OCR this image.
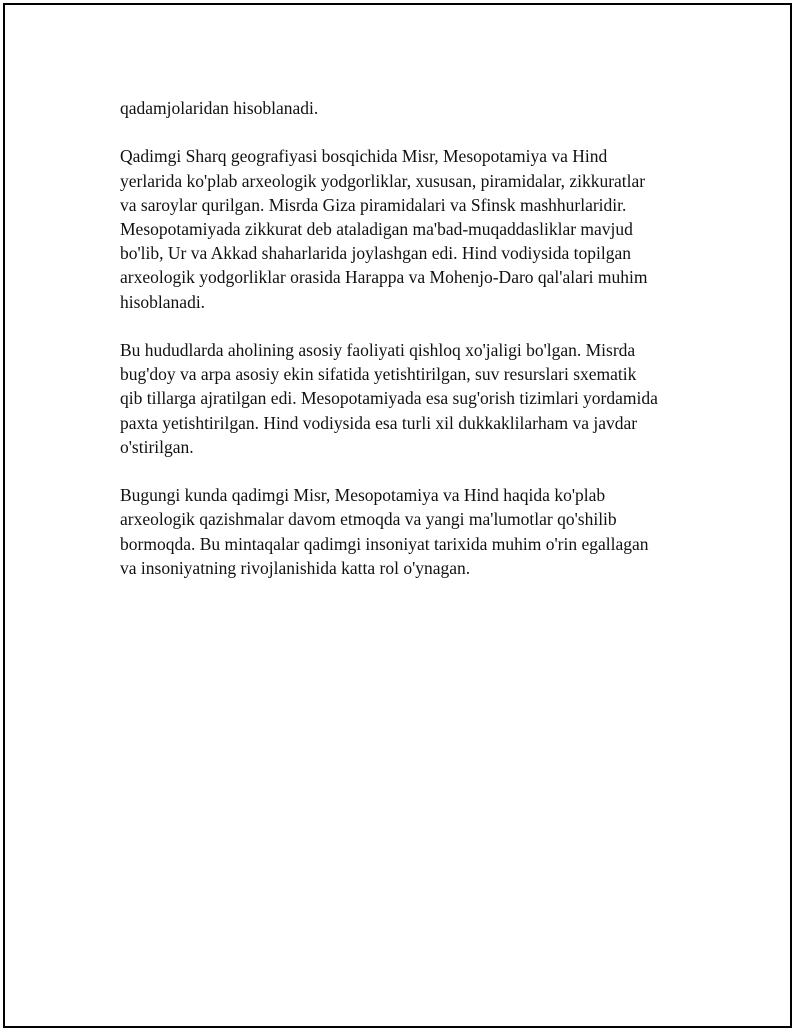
qadamjolaridan hisoblanadi.

Qadimgi Sharq geografiyasi bosqichida Misr, Mesopotamiya va Hind
yerlarida ko'plab arxeologik yodgorliklar, xususan, piramidalar, zikkuratlar
va saroylar qurilgan. Misrda Giza piramidalari va Sfinsk mashhurlaridir.
Mesopotamiyada zikkurat deb ataladigan ma'bad-muqaddasliklar mavjud
bo'lib, Ur va Akkad shaharlarida joylashgan edi. Hind vodiysida topilgan
arxeologik yodgorliklar orasida Harappa va Mohenjo-Daro qal'alari muhim
hisoblanadi.

Bu hududlarda aholining asosiy faoliyati qishloq xo'jaligi bo'lgan. Misrda
bug'doy va arpa asosiy ekin sifatida yetishtirilgan, suv resurslari sxematik
qib tillarga ajratilgan edi. Mesopotamiyada esa sug'orish tizimlari yordamida
paxta yetishtirilgan. Hind vodiysida esa turli xil dukkaklilarham va javdar
o'stirilgan.

Bugungi kunda qadimgi Misr, Mesopotamiya va Hind haqida ko'plab
arxeologik qazishmalar davom etmoqda va yangi ma'lumotlar qo'shilib
bormoqda. Bu mintaqalar qadimgi insoniyat tarixida muhim o'rin egallagan
va insoniyatning rivojlanishida katta rol o'ynagan.
